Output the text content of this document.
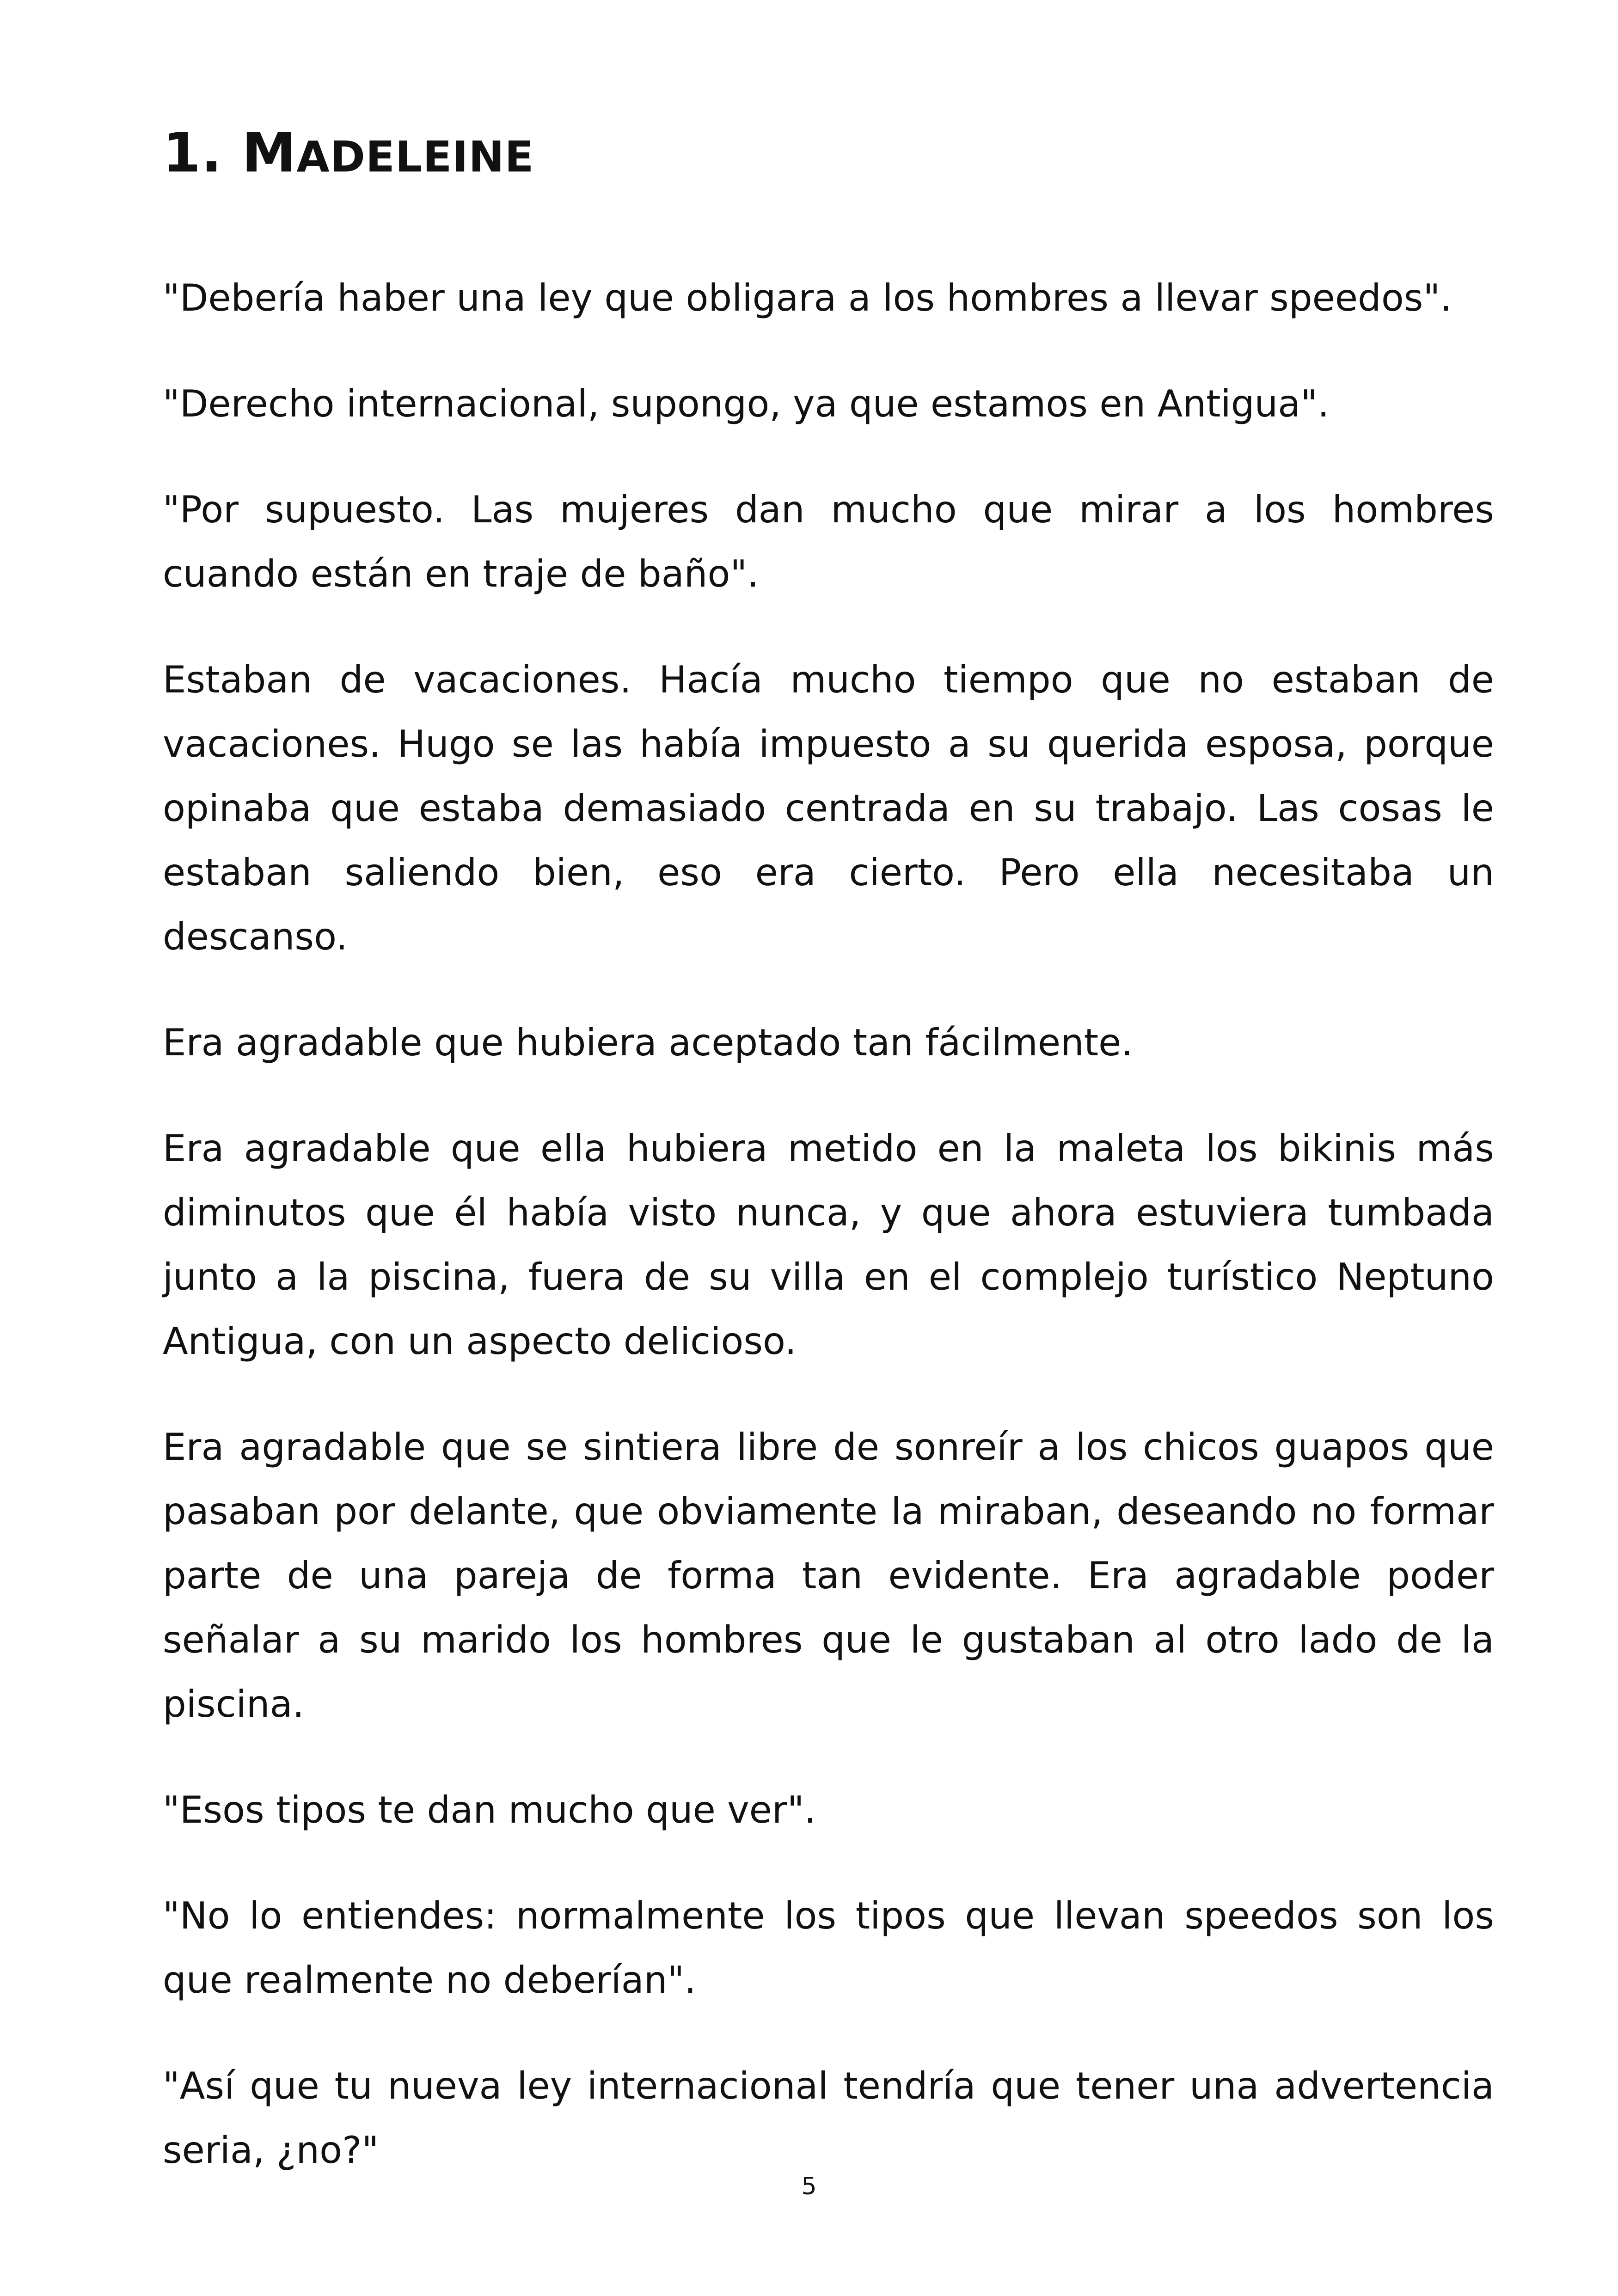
1. MADELEINE

"Debería haber una ley que obligara a los hombres a llevar speedos".

"Derecho internacional, supongo, ya que estamos en Antigua".

"Por supuesto. Las mujeres dan mucho que mirar a los hombres cuando están en traje de baño".

Estaban de vacaciones. Hacía mucho tiempo que no estaban de vacaciones. Hugo se las había impuesto a su querida esposa, porque opinaba que estaba demasiado centrada en su trabajo. Las cosas le estaban saliendo bien, eso era cierto. Pero ella necesitaba un descanso.

Era agradable que hubiera aceptado tan fácilmente.

Era agradable que ella hubiera metido en la maleta los bikinis más diminutos que él había visto nunca, y que ahora estuviera tumbada junto a la piscina, fuera de su villa en el complejo turístico Neptuno Antigua, con un aspecto delicioso.

Era agradable que se sintiera libre de sonreír a los chicos guapos que pasaban por delante, que obviamente la miraban, deseando no formar parte de una pareja de forma tan evidente. Era agradable poder señalar a su marido los hombres que le gustaban al otro lado de la piscina.

"Esos tipos te dan mucho que ver".

"No lo entiendes: normalmente los tipos que llevan speedos son los que realmente no deberían".

"Así que tu nueva ley internacional tendría que tener una advertencia seria, ¿no?"

5
